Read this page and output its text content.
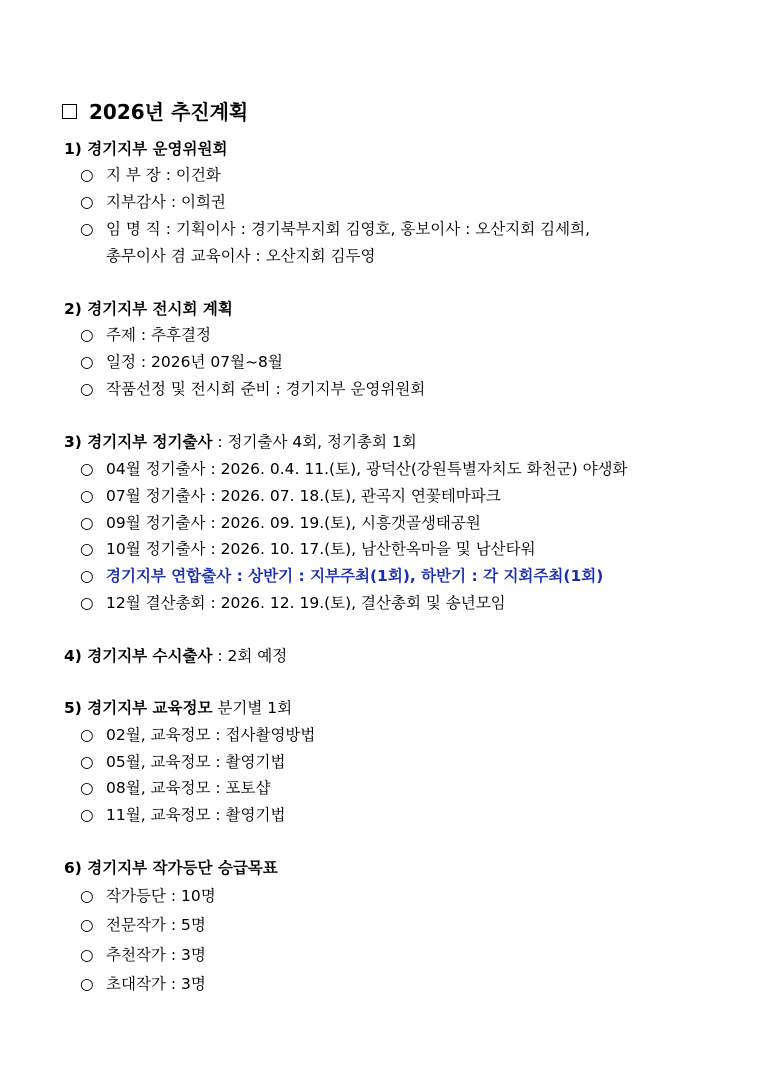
2026년 추진계획
1) 경기지부 운영위원회
○ 지 부 장 : 이건화
○ 지부감사 : 이희권
○ 임 명 직 : 기획이사 : 경기북부지회 김영호, 홍보이사 : 오산지회 김세희,
총무이사 겸 교육이사 : 오산지회 김두영
2) 경기지부 전시회 계획
○ 주제 : 추후결정
○ 일정 : 2026년 07월~8월
○ 작품선정 및 전시회 준비 : 경기지부 운영위원회
3) 경기지부 정기출사 : 정기출사 4회, 정기총회 1회
○ 04월 정기출사 : 2026. 0.4. 11.(토), 광덕산(강원특별자치도 화천군) 야생화
○ 07월 정기출사 : 2026. 07. 18.(토), 관곡지 연꽃테마파크
○ 09월 정기출사 : 2026. 09. 19.(토), 시흥갯골생태공원
○ 10월 정기출사 : 2026. 10. 17.(토), 남산한옥마을 및 남산타워
○ 경기지부 연합출사 : 상반기 : 지부주최(1회), 하반기 : 각 지회주최(1회)
○ 12월 결산총회 : 2026. 12. 19.(토), 결산총회 및 송년모임
4) 경기지부 수시출사 : 2회 예정
5) 경기지부 교육정모 분기별 1회
○ 02월, 교육정모 : 접사촬영방법
○ 05월, 교육정모 : 촬영기법
○ 08월, 교육정모 : 포토샵
○ 11월, 교육정모 : 촬영기법
6) 경기지부 작가등단 승급목표
○ 작가등단 : 10명
○ 전문작가 : 5명
○ 추천작가 : 3명
○ 초대작가 : 3명
